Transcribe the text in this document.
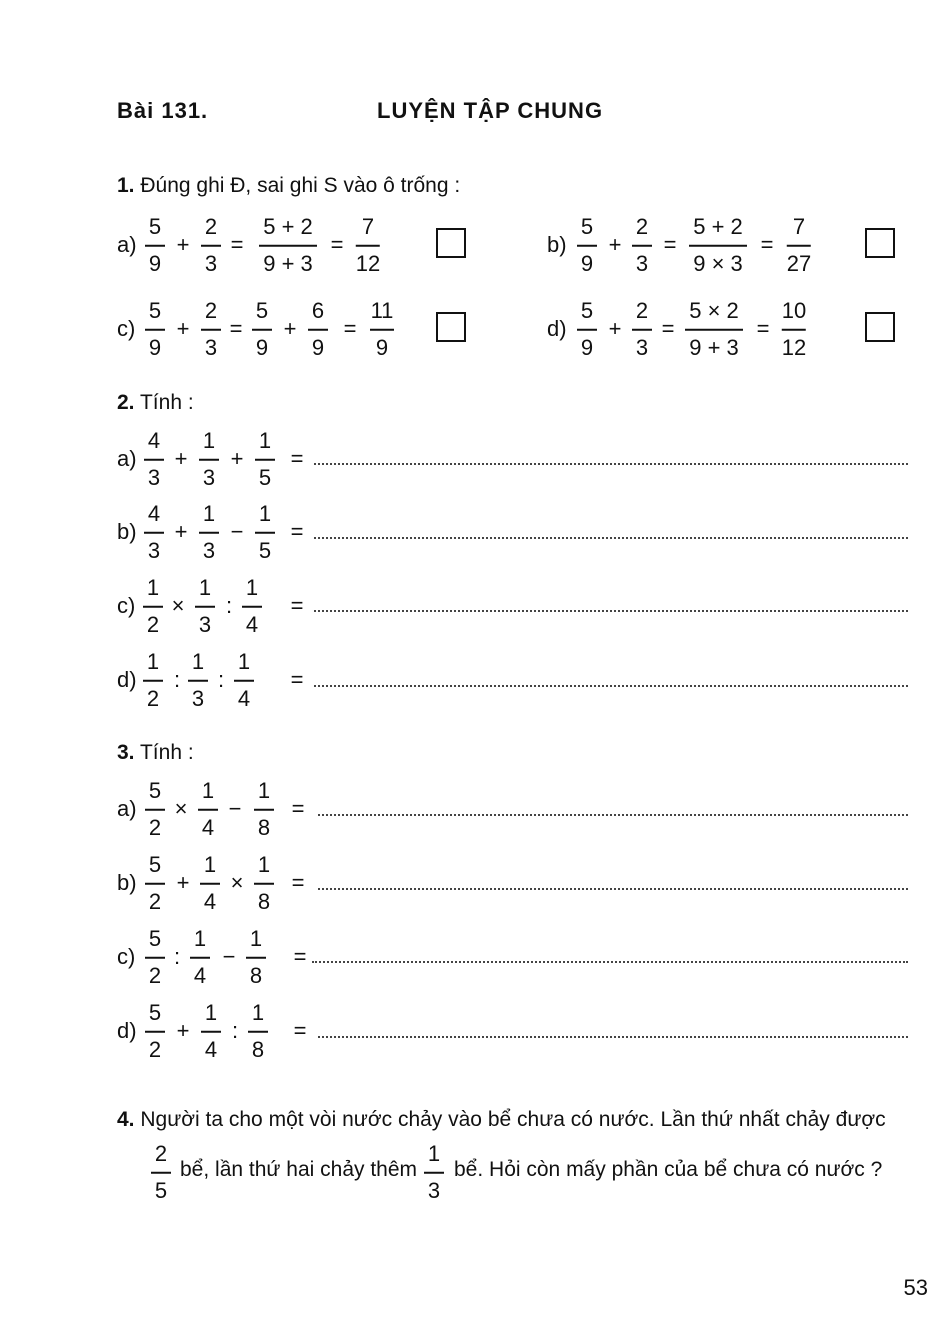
Bài 131.	LUYỆN TẬP CHUNG
1. Đúng ghi Đ, sai ghi S vào ô trống :
a)
5
9
+
2
3
=
5 + 2
9 + 3
=
7
12
b)
5
9
+
2
3
=
5 + 2
9 × 3
=
7
27
c)
5
9
+
2
3
=
5
9
+
6
9
=
11
9
d)
5
9
+
2
3
=
5 × 2
9 + 3
=
10
12
2. Tính :
a)
4
3
+
1
3
+
1
5
=
b)
4
3
+
1
3
−
1
5
=
c)
1
2
×
1
3
:
1
4
=
d)
1
2
:
1
3
:
1
4
=
3. Tính :
a)
5
2
×
1
4
−
1
8
=
b)
5
2
+
1
4
×
1
8
=
c)
5
2
:
1
4
−
1
8
=
d)
5
2
+
1
4
:
1
8
=
4. Người ta cho một vòi nước chảy vào bể chưa có nước. Lần thứ nhất chảy được
2
5
bể, lần thứ hai chảy thêm
1
3
bể. Hỏi còn mấy phần của bể chưa có nước ?
53
